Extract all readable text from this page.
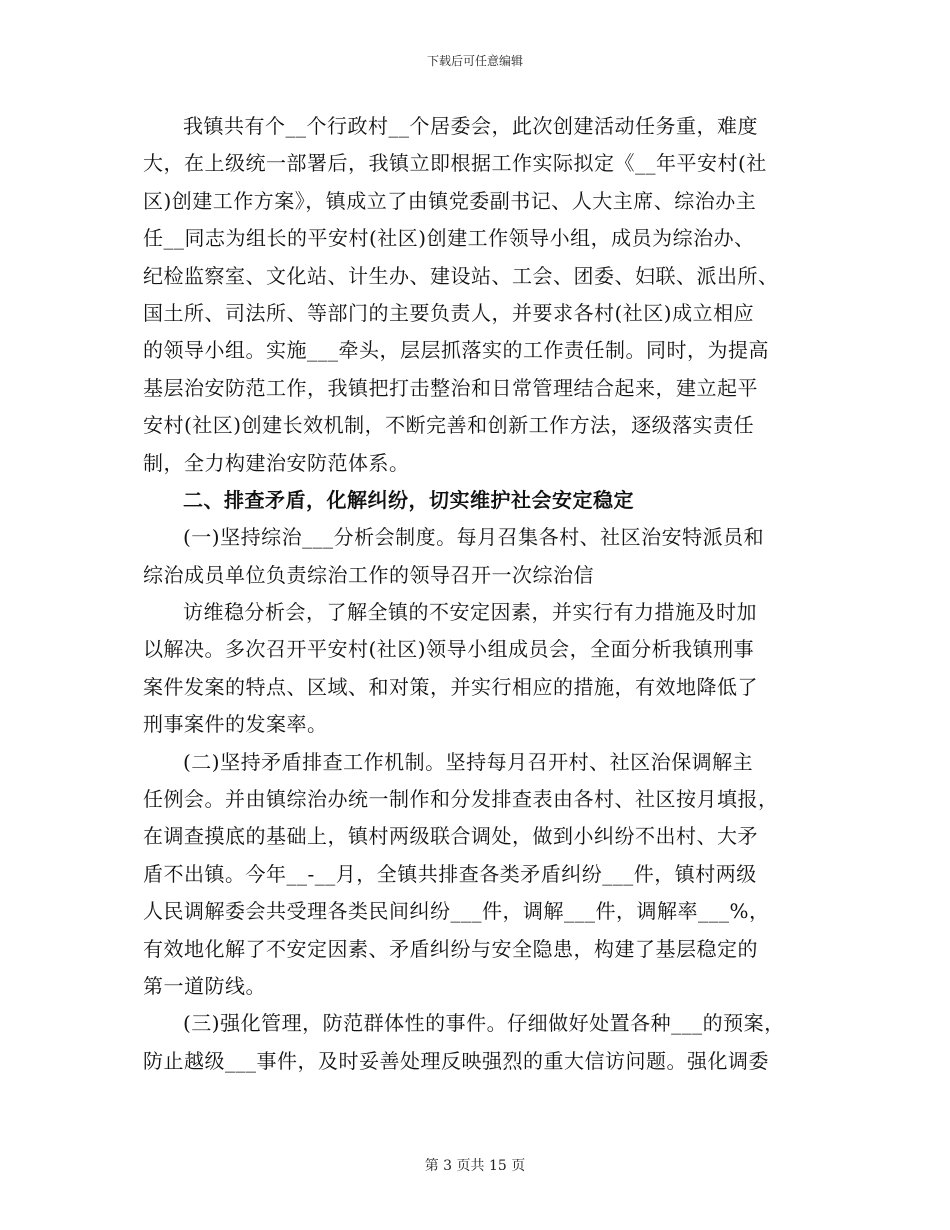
下载后可任意编辑
我镇共有个__个行政村__个居委会，此次创建活动任务重，难度
大，在上级统一部署后，我镇立即根据工作实际拟定《__年平安村(社
区)创建工作方案》，镇成立了由镇党委副书记、人大主席、综治办主
任__同志为组长的平安村(社区)创建工作领导小组，成员为综治办、
纪检监察室、文化站、计生办、建设站、工会、团委、妇联、派出所、
国土所、司法所、等部门的主要负责人，并要求各村(社区)成立相应
的领导小组。实施___牵头，层层抓落实的工作责任制。同时，为提高
基层治安防范工作，我镇把打击整治和日常管理结合起来，建立起平
安村(社区)创建长效机制，不断完善和创新工作方法，逐级落实责任
制，全力构建治安防范体系。
二、排查矛盾，化解纠纷，切实维护社会安定稳定
(一)坚持综治___分析会制度。每月召集各村、社区治安特派员和
综治成员单位负责综治工作的领导召开一次综治信
访维稳分析会，了解全镇的不安定因素，并实行有力措施及时加
以解决。多次召开平安村(社区)领导小组成员会，全面分析我镇刑事
案件发案的特点、区域、和对策，并实行相应的措施，有效地降低了
刑事案件的发案率。
(二)坚持矛盾排查工作机制。坚持每月召开村、社区治保调解主
任例会。并由镇综治办统一制作和分发排查表由各村、社区按月填报，
在调查摸底的基础上，镇村两级联合调处，做到小纠纷不出村、大矛
盾不出镇。今年__-__月，全镇共排查各类矛盾纠纷___件，镇村两级
人民调解委会共受理各类民间纠纷___件，调解___件，调解率___%，
有效地化解了不安定因素、矛盾纠纷与安全隐患，构建了基层稳定的
第一道防线。
(三)强化管理，防范群体性的事件。仔细做好处置各种___的预案，
防止越级___事件，及时妥善处理反映强烈的重大信访问题。强化调委
第 3 页共 15 页
